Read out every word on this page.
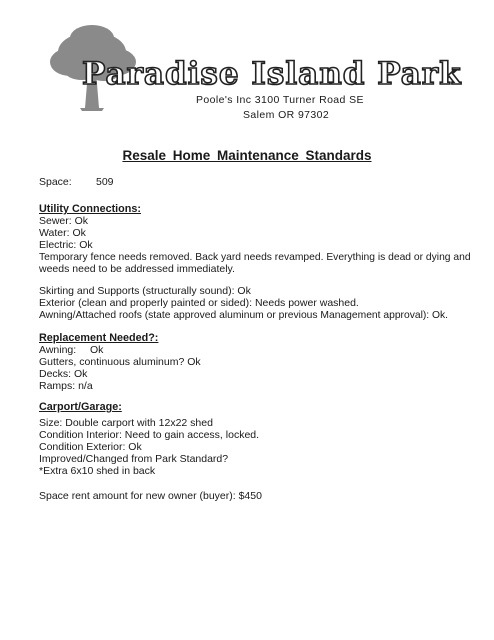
Paradise Island Park
Poole's Inc 3100 Turner Road SE
Salem OR 97302
Resale Home Maintenance Standards
Space: 509
Utility Connections:
Sewer: Ok
Water: Ok
Electric: Ok
Temporary fence needs removed. Back yard needs revamped. Everything is dead or dying and
weeds need to be addressed immediately.
Skirting and Supports (structurally sound): Ok
Exterior (clean and properly painted or sided): Needs power washed.
Awning/Attached roofs (state approved aluminum or previous Management approval): Ok.
Replacement Needed?:
Awning: Ok
Gutters, continuous aluminum? Ok
Decks: Ok
Ramps: n/a
Carport/Garage:
Size: Double carport with 12x22 shed
Condition Interior: Need to gain access, locked.
Condition Exterior: Ok
Improved/Changed from Park Standard?
*Extra 6x10 shed in back
Space rent amount for new owner (buyer): $450
